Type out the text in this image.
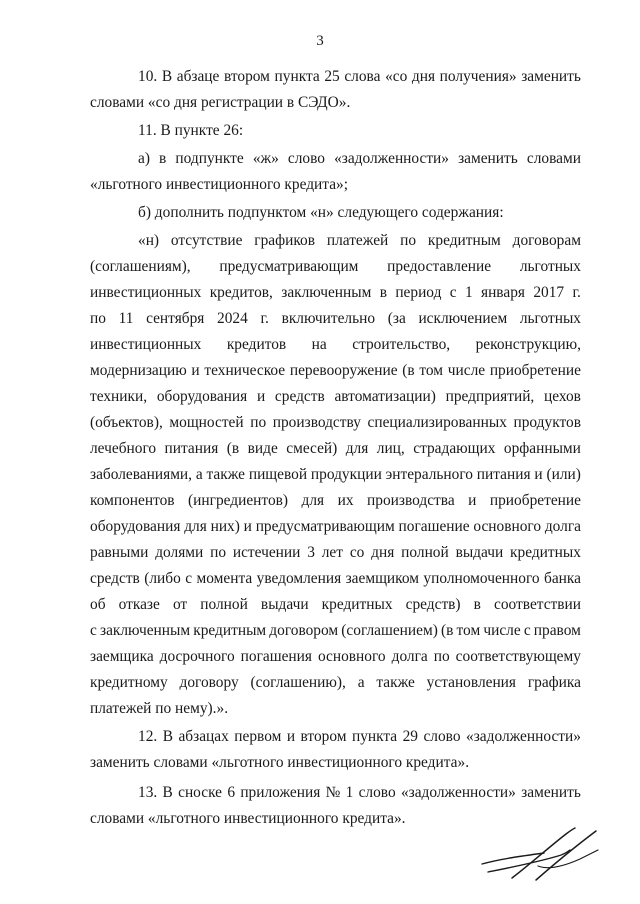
3
10. В абзаце втором пункта 25 слова «со дня получения» заменить
словами «со дня регистрации в СЭДО».
11. В пункте 26:
а) в подпункте «ж» слово «задолженности» заменить словами
«льготного инвестиционного кредита»;
б) дополнить подпунктом «н» следующего содержания:
«н) отсутствие графиков платежей по кредитным договорам
(соглашениям), предусматривающим предоставление льготных
инвестиционных кредитов, заключенным в период с 1 января 2017 г.
по 11 сентября 2024 г. включительно (за исключением льготных
инвестиционных кредитов на строительство, реконструкцию,
модернизацию и техническое перевооружение (в том числе приобретение
техники, оборудования и средств автоматизации) предприятий, цехов
(объектов), мощностей по производству специализированных продуктов
лечебного питания (в виде смесей) для лиц, страдающих орфанными
заболеваниями, а также пищевой продукции энтерального питания и (или)
компонентов (ингредиентов) для их производства и приобретение
оборудования для них) и предусматривающим погашение основного долга
равными долями по истечении 3 лет со дня полной выдачи кредитных
средств (либо с момента уведомления заемщиком уполномоченного банка
об отказе от полной выдачи кредитных средств) в соответствии
с заключенным кредитным договором (соглашением) (в том числе с правом
заемщика досрочного погашения основного долга по соответствующему
кредитному договору (соглашению), а также установления графика
платежей по нему).».
12. В абзацах первом и втором пункта 29 слово «задолженности»
заменить словами «льготного инвестиционного кредита».
13. В сноске 6 приложения № 1 слово «задолженности» заменить
словами «льготного инвестиционного кредита».
